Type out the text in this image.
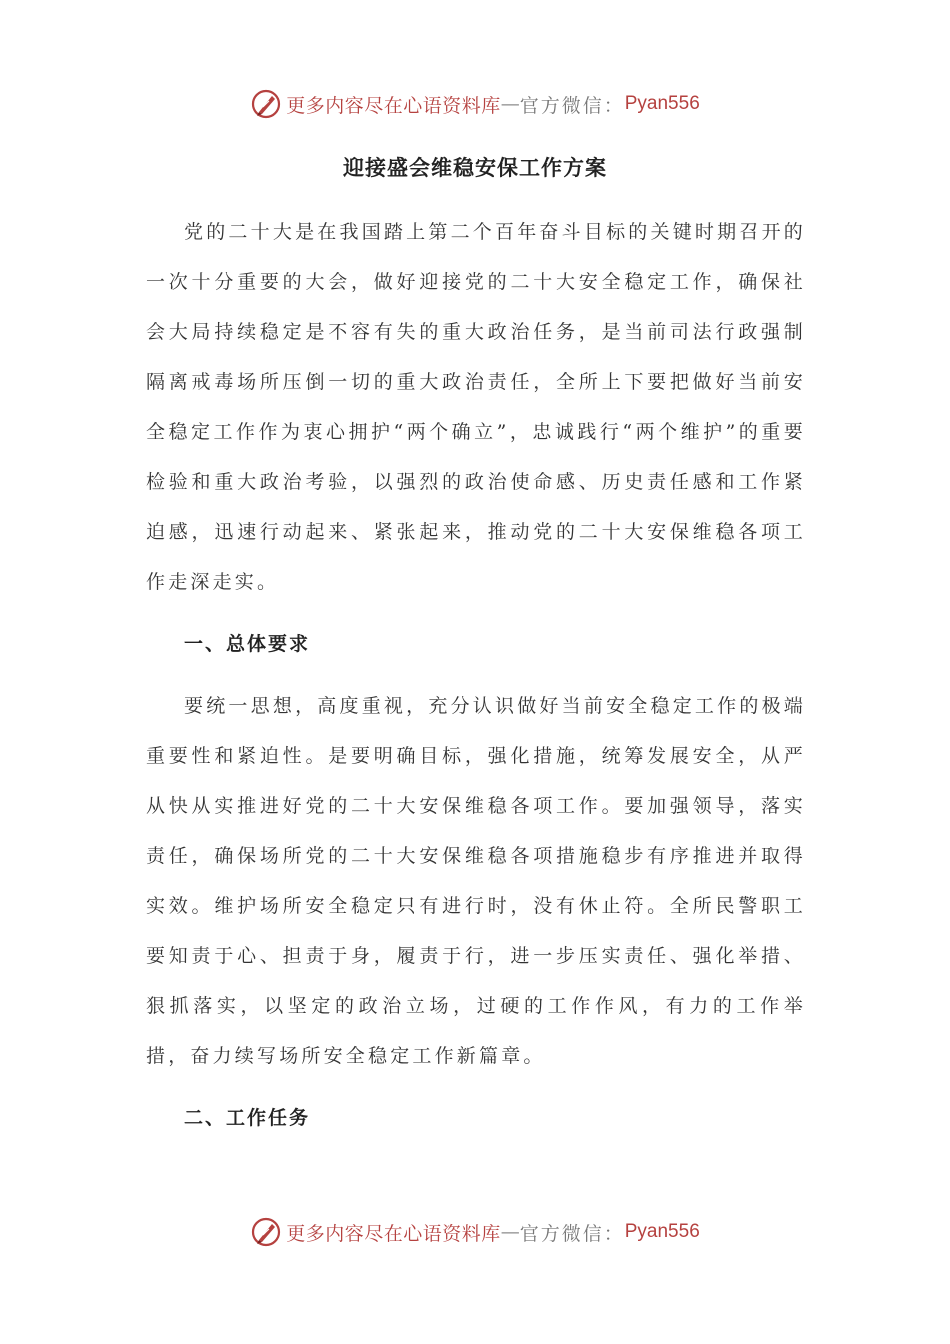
更多内容尽在心语资料库 — 官方微信： Pyan556
迎接盛会维稳安保工作方案

党的二十大是在我国踏上第二个百年奋斗目标的关键时期召开的一次十分重要的大会，做好迎接党的二十大安全稳定工作，确保社会大局持续稳定是不容有失的重大政治任务，是当前司法行政强制隔离戒毒场所压倒一切的重大政治责任，全所上下要把做好当前安全稳定工作作为衷心拥护“两个确立”，忠诚践行“两个维护”的重要检验和重大政治考验，以强烈的政治使命感、历史责任感和工作紧迫感，迅速行动起来、紧张起来，推动党的二十大安保维稳各项工作走深走实。

一、总体要求

要统一思想，高度重视，充分认识做好当前安全稳定工作的极端重要性和紧迫性。是要明确目标，强化措施，统筹发展安全，从严从快从实推进好党的二十大安保维稳各项工作。要加强领导，落实责任，确保场所党的二十大安保维稳各项措施稳步有序推进并取得实效。维护场所安全稳定只有进行时，没有休止符。全所民警职工要知责于心、担责于身，履责于行，进一步压实责任、强化举措、狠抓落实，以坚定的政治立场，过硬的工作作风，有力的工作举措，奋力续写场所安全稳定工作新篇章。

二、工作任务

更多内容尽在心语资料库 — 官方微信： Pyan556
